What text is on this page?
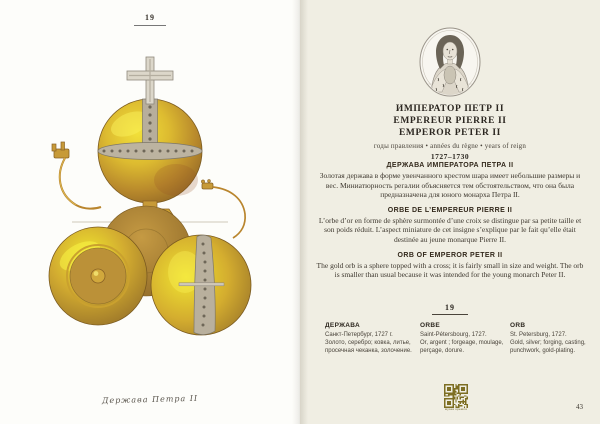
19
Держава Петра II
ИМПЕРАТОР ПЕТР II
EMPEREUR PIERRE II
EMPEROR PETER II
годы правления • années du règne • years of reign
1727–1730
ДЕРЖАВА ИМПЕРАТОРА ПЕТРА II
Золотая держава в форме увенчанного крестом шара имеет небольшие размеры и вес. Миниатюрность регалии объясняется тем обстоятельством, что она была предназначена для юного монарха Петра II.
ORBE DE L’EMPEREUR PIERRE II
L’orbe d’or en forme de sphère surmontée d’une croix se distingue par sa petite taille et son poids réduit. L’aspect miniature de cet insigne s’explique par le fait qu’elle était destinée au jeune monarque Pierre II.
ORB OF EMPEROR PETER II
The gold orb is a sphere topped with a cross; it is fairly small in size and weight. The orb is smaller than usual because it was intended for the young monarch Peter II.
19
ДЕРЖАВА
Санкт-Петербург, 1727 г.
Золото, серебро; ковка, литье,
просечная чеканка, золочение.
ORBE
Saint-Pétersbourg, 1727.
Or, argent ; forgeage, moulage,
perçage, dorure.
ORB
St. Petersburg, 1727.
Gold, silver; forging, casting,
punchwork, gold-plating.
музеи кремля	43
